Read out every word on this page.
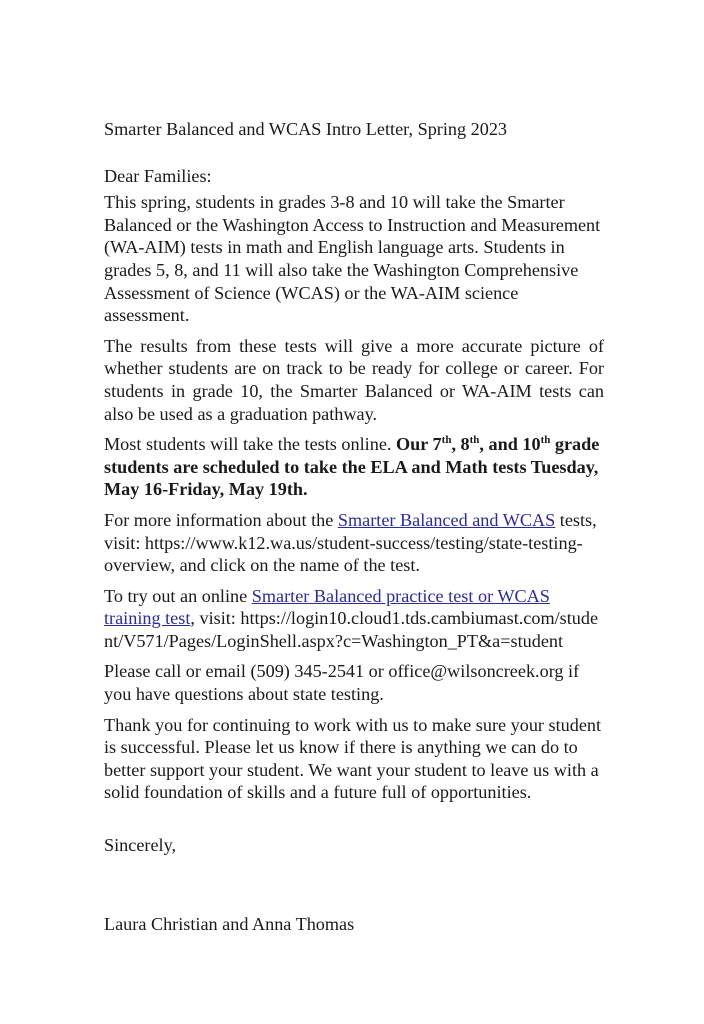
Smarter Balanced and WCAS Intro Letter, Spring 2023

Dear Families:

This spring, students in grades 3-8 and 10 will take the Smarter Balanced or the Washington Access to Instruction and Measurement (WA-AIM) tests in math and English language arts. Students in grades 5, 8, and 11 will also take the Washington Comprehensive Assessment of Science (WCAS) or the WA-AIM science assessment.

The results from these tests will give a more accurate picture of whether students are on track to be ready for college or career. For students in grade 10, the Smarter Balanced or WA-AIM tests can also be used as a graduation pathway.

Most students will take the tests online. Our 7th, 8th, and 10th grade students are scheduled to take the ELA and Math tests Tuesday, May 16-Friday, May 19th.

For more information about the Smarter Balanced and WCAS tests, visit: https://www.k12.wa.us/student-success/testing/state-testing-overview, and click on the name of the test.

To try out an online Smarter Balanced practice test or WCAS training test, visit: https://login10.cloud1.tds.cambiumast.com/student/V571/Pages/LoginShell.aspx?c=Washington_PT&a=student

Please call or email (509) 345-2541 or office@wilsoncreek.org if you have questions about state testing.

Thank you for continuing to work with us to make sure your student is successful. Please let us know if there is anything we can do to better support your student. We want your student to leave us with a solid foundation of skills and a future full of opportunities.

Sincerely,

Laura Christian and Anna Thomas
